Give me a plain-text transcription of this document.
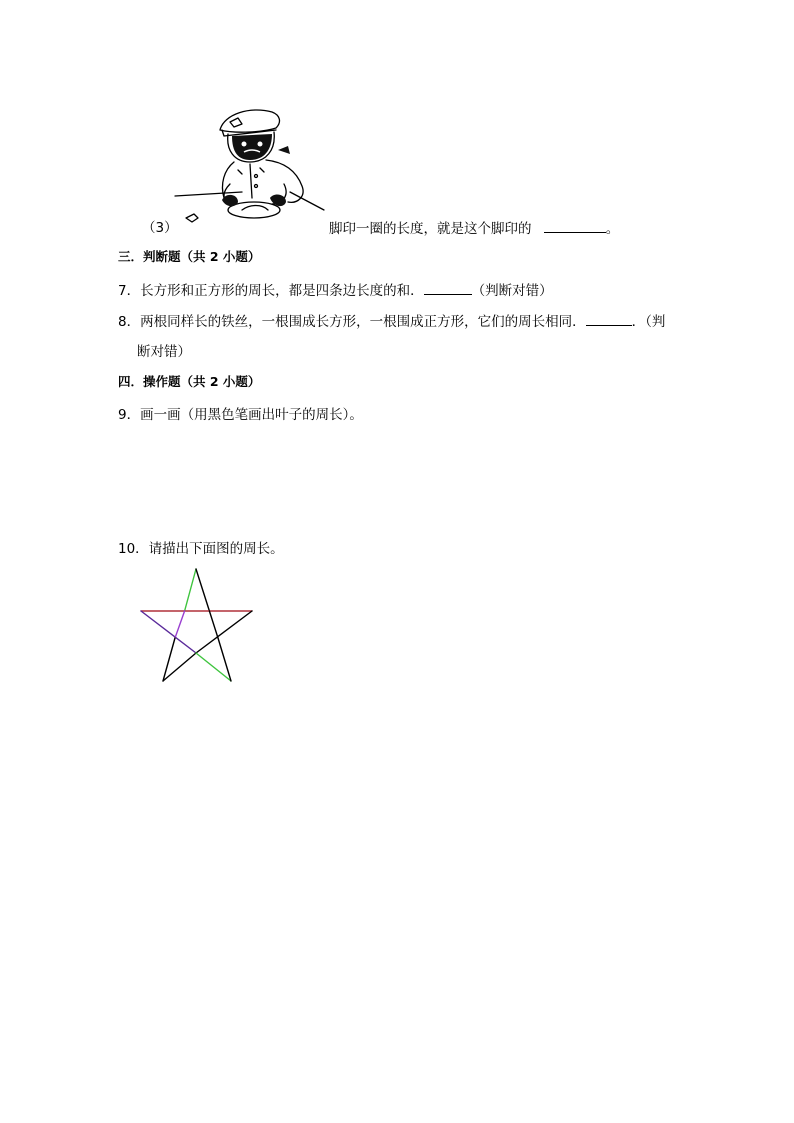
（3）	脚印一圈的长度，就是这个脚印的	。
三．判断题（共 2 小题）
7．长方形和正方形的周长，都是四条边长度的和．	（判断对错）
8．两根同样长的铁丝，一根围成长方形，一根围成正方形，它们的周长相同．	．（判
断对错）
四．操作题（共 2 小题）
9．画一画（用黑色笔画出叶子的周长）。
10．请描出下面图的周长。
